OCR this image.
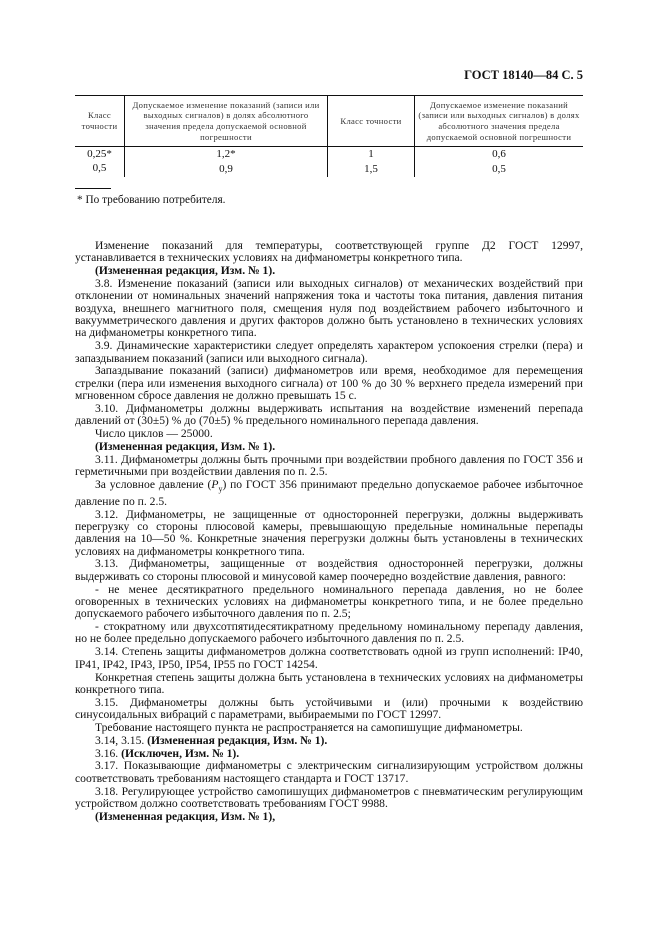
ГОСТ 18140—84 С. 5
Класс точности	Допускаемое изменение показаний (записи или выходных сигналов) в долях абсолютного значения предела допускаемой основной погрешности	Класс точности	Допускаемое изменение показаний (записи или выходных сигналов) в долях абсолютного значения предела допускаемой основной погрешности
0,25*	1,2*	1	0,6
0,5	0,9	1,5	0,5
* По требованию потребителя.

Изменение показаний для температуры, соответствующей группе Д2 ГОСТ 12997, устанавливается в технических условиях на дифманометры конкретного типа.

(Измененная редакция, Изм. № 1).

3.8. Изменение показаний (записи или выходных сигналов) от механических воздействий при отклонении от номинальных значений напряжения тока и частоты тока питания, давления питания воздуха, внешнего магнитного поля, смещения нуля под воздействием рабочего избыточного и вакуумметрического давления и других факторов должно быть установлено в технических условиях на дифманометры конкретного типа.

3.9. Динамические характеристики следует определять характером успокоения стрелки (пера) и запаздыванием показаний (записи или выходного сигнала).

Запаздывание показаний (записи) дифманометров или время, необходимое для перемещения стрелки (пера или изменения выходного сигнала) от 100 % до 30 % верхнего предела измерений при мгновенном сбросе давления не должно превышать 15 с.

3.10. Дифманометры должны выдерживать испытания на воздействие изменений перепада давлений от (30±5) % до (70±5) % предельного номинального перепада давления.

Число циклов — 25000.

(Измененная редакция, Изм. № 1).

3.11. Дифманометры должны быть прочными при воздействии пробного давления по ГОСТ 356 и герметичными при воздействии давления по п. 2.5.

За условное давление $(P_у)$ по ГОСТ 356 принимают предельно допускаемое рабочее избыточное давление по п. 2.5.

3.12. Дифманометры, не защищенные от односторонней перегрузки, должны выдерживать перегрузку со стороны плюсовой камеры, превышающую предельные номинальные перепады давления на 10—50 %. Конкретные значения перегрузки должны быть установлены в технических условиях на дифманометры конкретного типа.

3.13. Дифманометры, защищенные от воздействия односторонней перегрузки, должны выдерживать со стороны плюсовой и минусовой камер поочередно воздействие давления, равного:

- не менее десятикратного предельного номинального перепада давления, но не более оговоренных в технических условиях на дифманометры конкретного типа, и не более предельно допускаемого рабочего избыточного давления по п. 2.5;

- стократному или двухсотпятидесятикратному предельному номинальному перепаду давления, но не более предельно допускаемого рабочего избыточного давления по п. 2.5.

3.14. Степень защиты дифманометров должна соответствовать одной из групп исполнений: IP40, IP41, IP42, IP43, IP50, IP54, IP55 по ГОСТ 14254.

Конкретная степень защиты должна быть установлена в технических условиях на дифманометры конкретного типа.

3.15. Дифманометры должны быть устойчивыми и (или) прочными к воздействию синусоидальных вибраций с параметрами, выбираемыми по ГОСТ 12997.

Требование настоящего пункта не распространяется на самопишущие дифманометры.

3.14, 3.15. (Измененная редакция, Изм. № 1).

3.16. (Исключен, Изм. № 1).

3.17. Показывающие дифманометры с электрическим сигнализирующим устройством должны соответствовать требованиям настоящего стандарта и ГОСТ 13717.

3.18. Регулирующее устройство самопишущих дифманометров с пневматическим регулирующим устройством должно соответствовать требованиям ГОСТ 9988.

(Измененная редакция, Изм. № 1),
